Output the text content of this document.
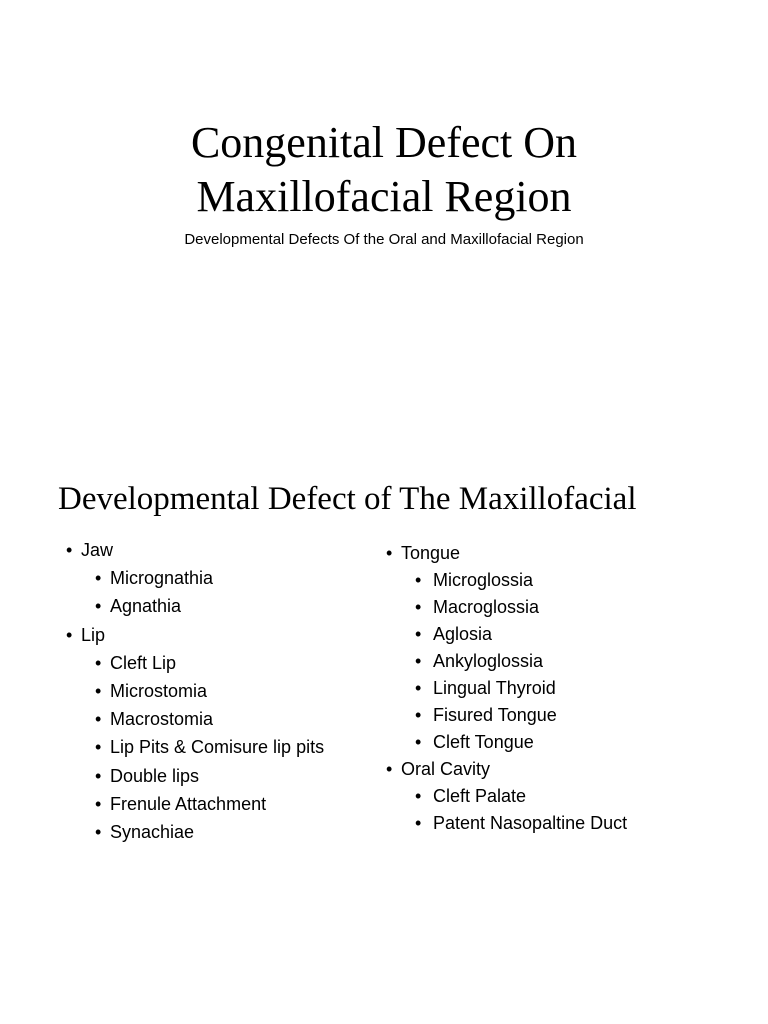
Congenital Defect On
Maxillofacial Region
Developmental Defects Of the Oral and Maxillofacial Region
Developmental Defect of The Maxillofacial
• Jaw
• Micrognathia
• Agnathia
• Lip
• Cleft Lip
• Microstomia
• Macrostomia
• Lip Pits & Comisure lip pits
• Double lips
• Frenule Attachment
• Synachiae
• Tongue
• Microglossia
• Macroglossia
• Aglosia
• Ankyloglossia
• Lingual Thyroid
• Fisured Tongue
• Cleft Tongue
• Oral Cavity
• Cleft Palate
• Patent Nasopaltine Duct
